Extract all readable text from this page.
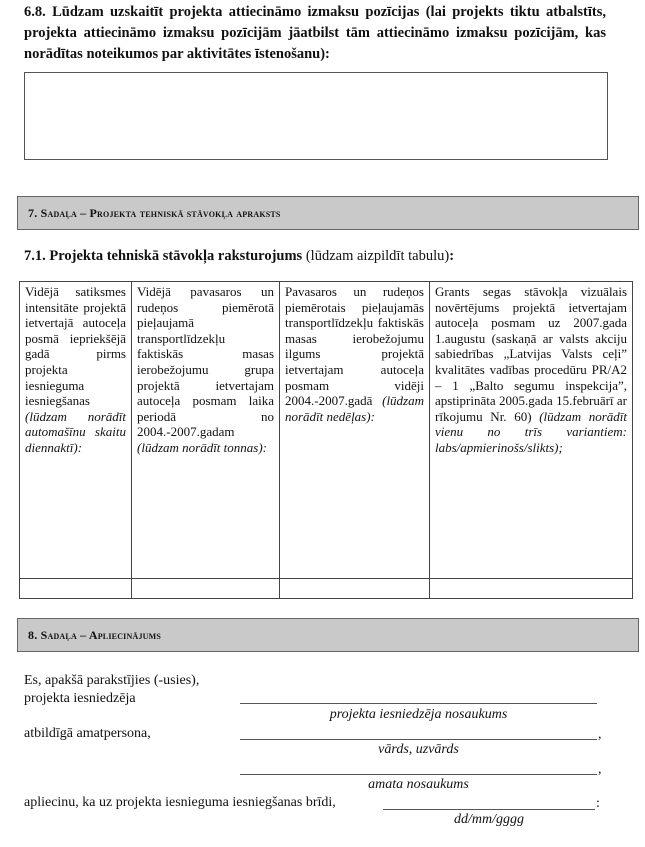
6.8. Lūdzam uzskaitīt projekta attiecināmo izmaksu pozīcijas (lai projekts tiktu atbalstīts, projekta attiecināmo izmaksu pozīcijām jāatbilst tām attiecināmo izmaksu pozīcijām, kas norādītas noteikumos par aktivitātes īstenošanu):
7. Sadaļa – Projekta tehniskā stāvokļa apraksts
7.1. Projekta tehniskā stāvokļa raksturojums (lūdzam aizpildīt tabulu):
Vidējā satiksmes intensitāte projektā ietvertajā autoceļa posmā iepriekšējā gadā pirms projekta iesnieguma iesniegšanas (lūdzam norādīt automašīnu skaitu diennaktī):	Vidējā pavasaros un rudeņos piemērotā pieļaujamā transportlīdzekļu faktiskās masas ierobežojumu grupa projektā ietvertajam autoceļa posmam laika periodā no 2004.-2007.gadam (lūdzam norādīt tonnas):	Pavasaros un rudeņos piemērotais pieļaujamās transportlīdzekļu faktiskās masas ierobežojumu ilgums projektā ietvertajam autoceļa posmam vidēji 2004.-2007.gadā (lūdzam norādīt nedēļas):	Grants segas stāvokļa vizuālais novērtējums projektā ietvertajam autoceļa posmam uz 2007.gada 1.augustu (saskaņā ar valsts akciju sabiedrības „Latvijas Valsts ceļi” kvalitātes vadības procedūru PR/A2 – 1 „Balto segumu inspekcija”, apstiprināta 2005.gada 15.februārī ar rīkojumu Nr. 60) (lūdzam norādīt vienu no trīs variantiem: labs/apmierinošs/slikts);

8. Sadaļa – Apliecinājums
Es, apakšā parakstījies (-usies),
projekta iesniedzēja
projekta iesniedzēja nosaukums
atbildīgā amatpersona,	,
vārds, uzvārds
,
amata nosaukums
apliecinu, ka uz projekta iesnieguma iesniegšanas brīdi,	:
dd/mm/gggg
